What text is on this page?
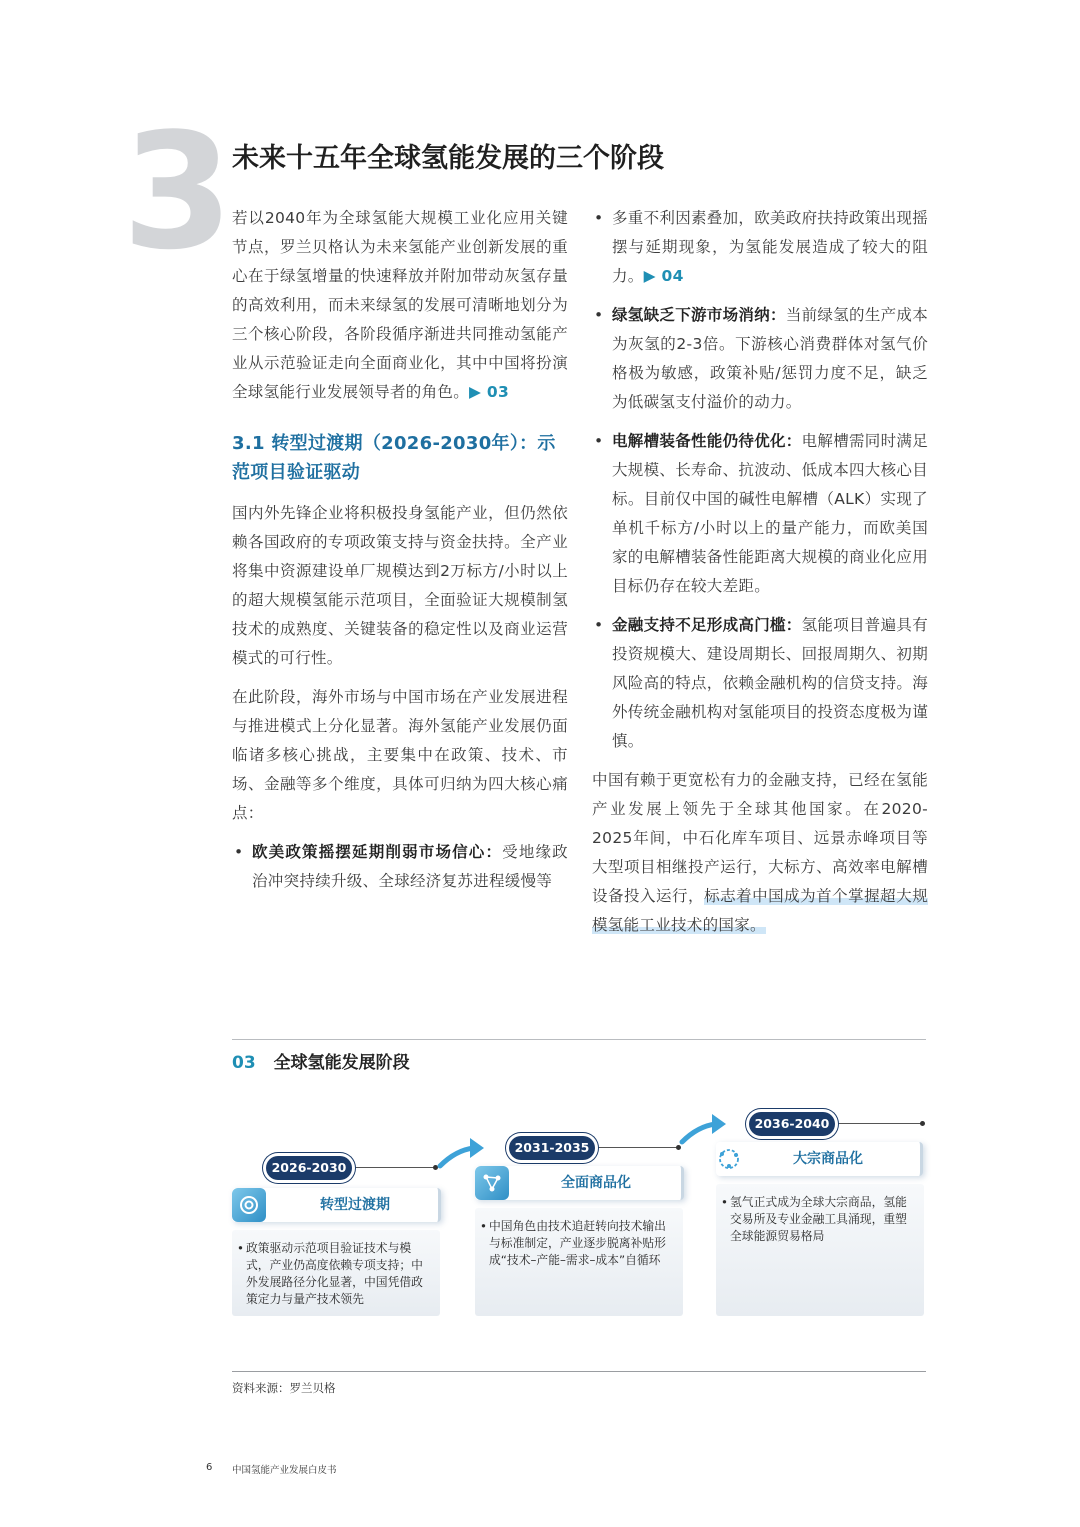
3
未来十五年全球氢能发展的三个阶段

若以2040年为全球氢能大规模工业化应用关键节点，罗兰贝格认为未来氢能产业创新发展的重心在于绿氢增量的快速释放并附加带动灰氢存量的高效利用，而未来绿氢的发展可清晰地划分为三个核心阶段，各阶段循序渐进共同推动氢能产业从示范验证走向全面商业化，其中中国将扮演全球氢能行业发展领导者的角色。▶ 03

3.1 转型过渡期（2026-2030年）：示范项目验证驱动

国内外先锋企业将积极投身氢能产业，但仍然依赖各国政府的专项政策支持与资金扶持。全产业将集中资源建设单厂规模达到2万标方/小时以上的超大规模氢能示范项目，全面验证大规模制氢技术的成熟度、关键装备的稳定性以及商业运营模式的可行性。

在此阶段，海外市场与中国市场在产业发展进程与推进模式上分化显著。海外氢能产业发展仍面临诸多核心挑战，主要集中在政策、技术、市场、金融等多个维度，具体可归纳为四大核心痛点：

• 欧美政策摇摆延期削弱市场信心：受地缘政治冲突持续升级、全球经济复苏进程缓慢等

• 多重不利因素叠加，欧美政府扶持政策出现摇摆与延期现象，为氢能发展造成了较大的阻力。▶ 04

• 绿氢缺乏下游市场消纳：当前绿氢的生产成本为灰氢的2-3倍。下游核心消费群体对氢气价格极为敏感，政策补贴/惩罚力度不足，缺乏为低碳氢支付溢价的动力。

• 电解槽装备性能仍待优化：电解槽需同时满足大规模、长寿命、抗波动、低成本四大核心目标。目前仅中国的碱性电解槽（ALK）实现了单机千标方/小时以上的量产能力，而欧美国家的电解槽装备性能距离大规模的商业化应用目标仍存在较大差距。

• 金融支持不足形成高门槛：氢能项目普遍具有投资规模大、建设周期长、回报周期久、初期风险高的特点，依赖金融机构的信贷支持。海外传统金融机构对氢能项目的投资态度极为谨慎。

中国有赖于更宽松有力的金融支持，已经在氢能产业发展上领先于全球其他国家。在2020-2025年间，中石化库车项目、远景赤峰项目等大型项目相继投产运行，大标方、高效率电解槽设备投入运行，标志着中国成为首个掌握超大规模氢能工业技术的国家。

03 全球氢能发展阶段
2026-2030
• 政策驱动示范项目验证技术与模式，产业仍高度依赖专项支持；中外发展路径分化显著，中国凭借政策定力与量产技术领先
转型过渡期
2031-2035
• 中国角色由技术追赶转向技术输出与标准制定，产业逐步脱离补贴形成“技术–产能–需求–成本”自循环
全面商品化
2036-2040
• 氢气正式成为全球大宗商品，氢能交易所及专业金融工具涌现，重塑全球能源贸易格局
大宗商品化
资料来源：罗兰贝格
6 中国氢能产业发展白皮书
